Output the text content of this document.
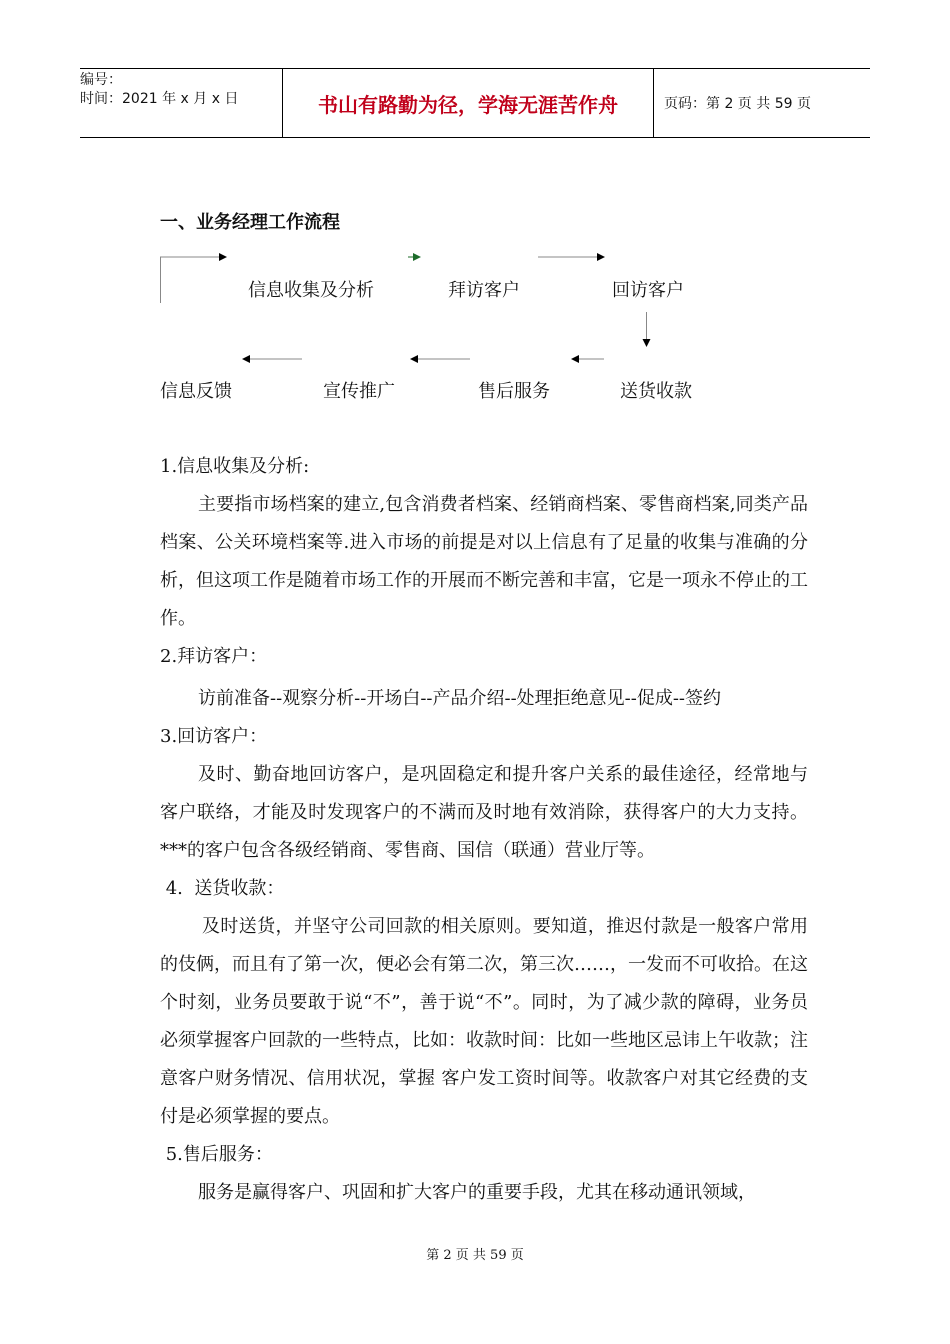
编号：
时间：2021 年 x 月 x 日	书山有路勤为径，学海无涯苦作舟	页码：第 2 页 共 59 页
一、业务经理工作流程
信息收集及分析	拜访客户	回访客户
送货收款
售后服务
宣传推广
信息反馈

1.信息收集及分析:

主要指市场档案的建立,包含消费者档案、经销商档案、零售商档案,同类产品档案、公关环境档案等.进入市场的前提是对以上信息有了足量的收集与准确的分析，但这项工作是随着市场工作的开展而不断完善和丰富，它是一项永不停止的工作。

2.拜访客户：

访前准备--观察分析--开场白--产品介绍--处理拒绝意见--促成--签约

3.回访客户：

及时、勤奋地回访客户，是巩固稳定和提升客户关系的最佳途径，经常地与客户联络，才能及时发现客户的不满而及时地有效消除，获得客户的大力支持。***的客户包含各级经销商、零售商、国信（联通）营业厅等。

4.  送货收款：

及时送货，并坚守公司回款的相关原则。要知道，推迟付款是一般客户常用的伎俩，而且有了第一次，便必会有第二次，第三次……，一发而不可收拾。在这个时刻，业务员要敢于说“不”，善于说“不”。同时，为了减少款的障碍，业务员必须掌握客户回款的一些特点，比如：收款时间：比如一些地区忌讳上午收款；注意客户财务情况、信用状况，掌握 客户发工资时间等。收款客户对其它经费的支付是必须掌握的要点。

5.售后服务：

服务是赢得客户、巩固和扩大客户的重要手段，尤其在移动通讯领域，

第 2 页 共 59 页
